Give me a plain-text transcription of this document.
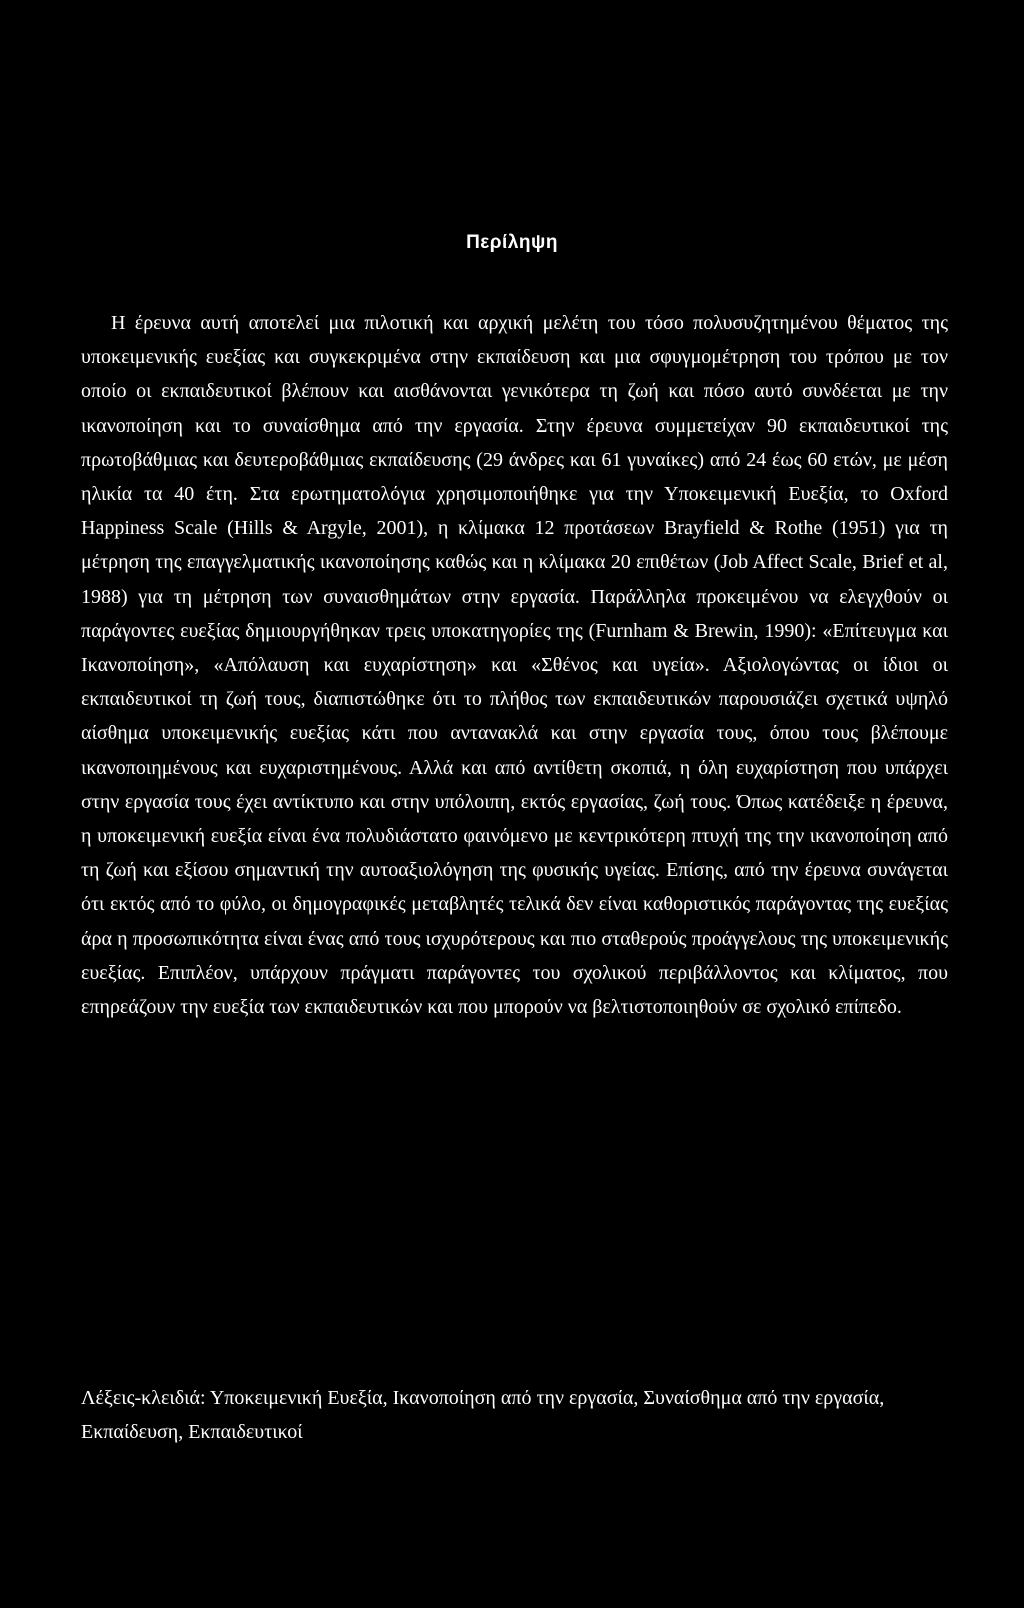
Περίληψη

Η έρευνα αυτή αποτελεί μια πιλοτική και αρχική μελέτη του τόσο πολυσυζητημένου θέματος της υποκειμενικής ευεξίας και συγκεκριμένα στην εκπαίδευση και μια σφυγμομέτρηση του τρόπου με τον οποίο οι εκπαιδευτικοί βλέπουν και αισθάνονται γενικότερα τη ζωή και πόσο αυτό συνδέεται με την ικανοποίηση και το συναίσθημα από την εργασία. Στην έρευνα συμμετείχαν 90 εκπαιδευτικοί της πρωτοβάθμιας και δευτεροβάθμιας εκπαίδευσης (29 άνδρες και 61 γυναίκες) από 24 έως 60 ετών, με μέση ηλικία τα 40 έτη. Στα ερωτηματολόγια χρησιμοποιήθηκε για την Υποκειμενική Ευεξία, το Oxford Happiness Scale (Hills & Argyle, 2001), η κλίμακα 12 προτάσεων Brayfield & Rothe (1951) για τη μέτρηση της επαγγελματικής ικανοποίησης καθώς και η κλίμακα 20 επιθέτων (Job Affect Scale, Brief et al, 1988) για τη μέτρηση των συναισθημάτων στην εργασία. Παράλληλα προκειμένου να ελεγχθούν οι παράγοντες ευεξίας δημιουργήθηκαν τρεις υποκατηγορίες της (Furnham & Brewin, 1990): «Επίτευγμα και Ικανοποίηση», «Απόλαυση και ευχαρίστηση» και «Σθένος και υγεία». Αξιολογώντας οι ίδιοι οι εκπαιδευτικοί τη ζωή τους, διαπιστώθηκε ότι το πλήθος των εκπαιδευτικών παρουσιάζει σχετικά υψηλό αίσθημα υποκειμενικής ευεξίας κάτι που αντανακλά και στην εργασία τους, όπου τους βλέπουμε ικανοποιημένους και ευχαριστημένους. Αλλά και από αντίθετη σκοπιά, η όλη ευχαρίστηση που υπάρχει στην εργασία τους έχει αντίκτυπο και στην υπόλοιπη, εκτός εργασίας, ζωή τους. Όπως κατέδειξε η έρευνα, η υποκειμενική ευεξία είναι ένα πολυδιάστατο φαινόμενο με κεντρικότερη πτυχή της την ικανοποίηση από τη ζωή και εξίσου σημαντική την αυτοαξιολόγηση της φυσικής υγείας. Επίσης, από την έρευνα συνάγεται ότι εκτός από το φύλο, οι δημογραφικές μεταβλητές τελικά δεν είναι καθοριστικός παράγοντας της ευεξίας άρα η προσωπικότητα είναι ένας από τους ισχυρότερους και πιο σταθερούς προάγγελους της υποκειμενικής ευεξίας. Επιπλέον, υπάρχουν πράγματι παράγοντες του σχολικού περιβάλλοντος και κλίματος, που επηρεάζουν την ευεξία των εκπαιδευτικών και που μπορούν να βελτιστοποιηθούν σε σχολικό επίπεδο.

Λέξεις-κλειδιά: Υποκειμενική Ευεξία, Ικανοποίηση από την εργασία, Συναίσθημα από την εργασία, Εκπαίδευση, Εκπαιδευτικοί
